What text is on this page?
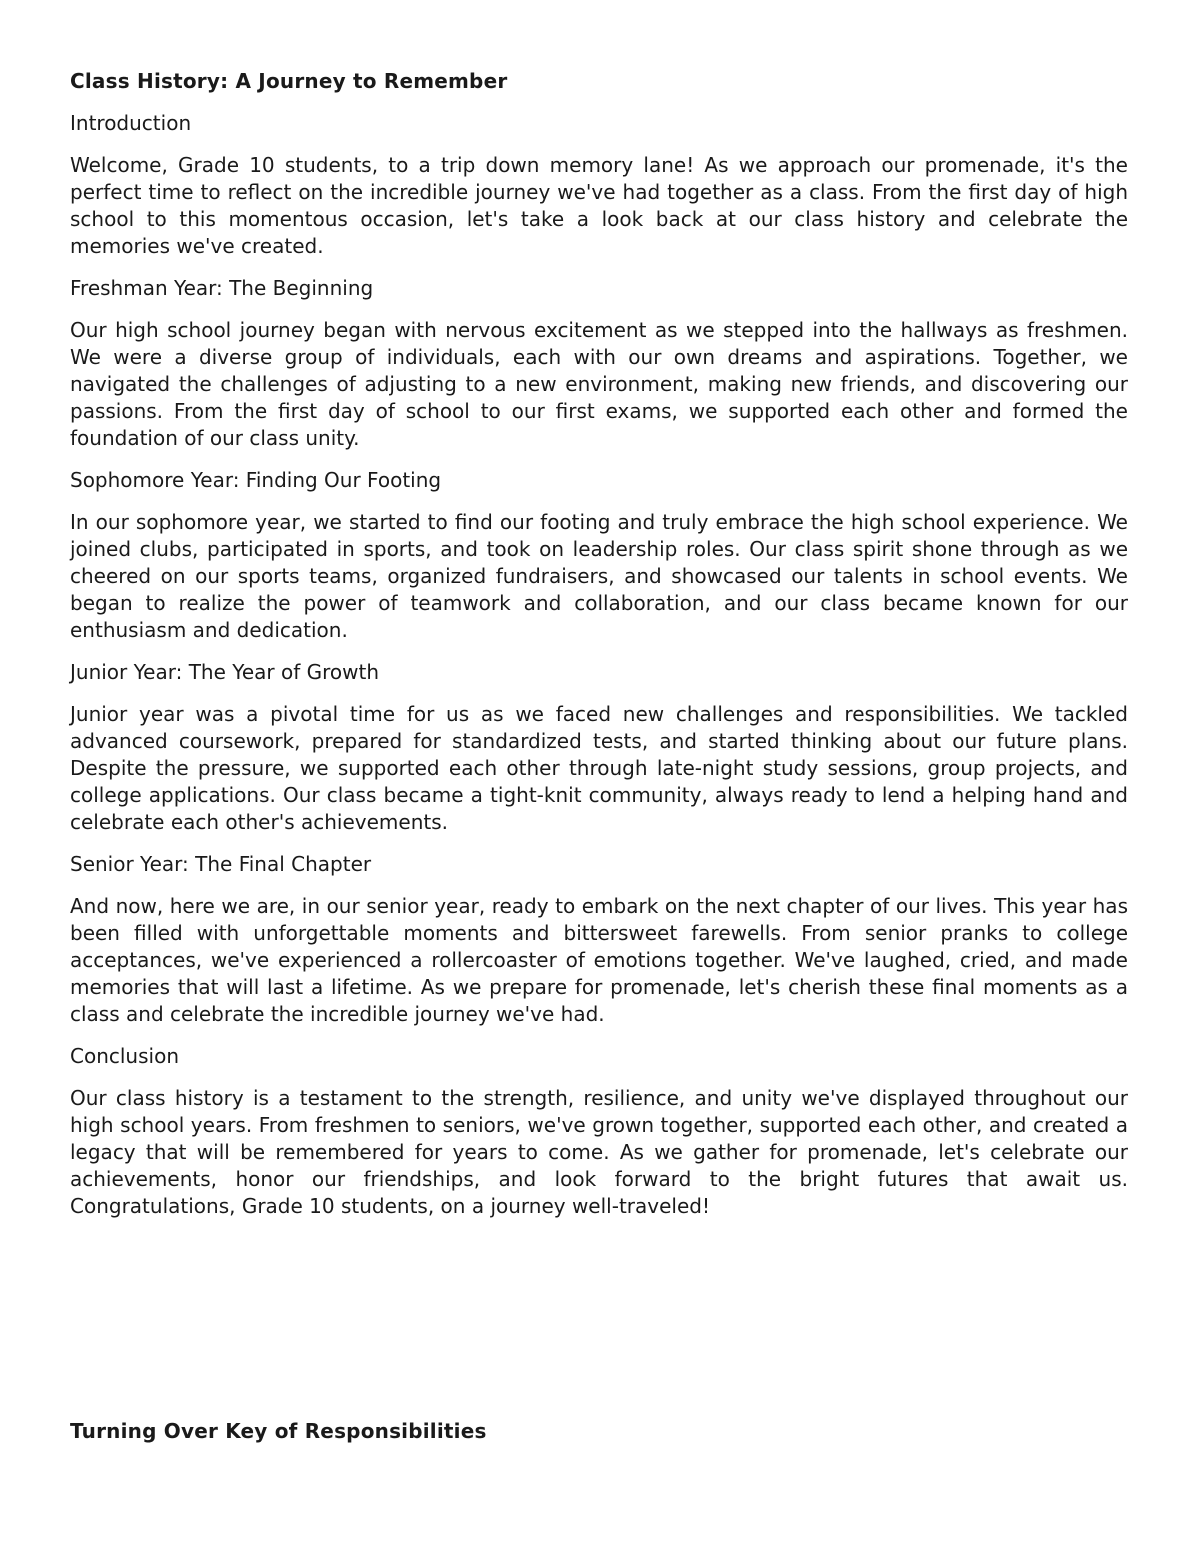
Class History: A Journey to Remember
Introduction
Welcome, Grade 10 students, to a trip down memory lane! As we approach our promenade, it's the perfect time to reflect on the incredible journey we've had together as a class. From the first day of high school to this momentous occasion, let's take a look back at our class history and celebrate the memories we've created.
Freshman Year: The Beginning
Our high school journey began with nervous excitement as we stepped into the hallways as freshmen. We were a diverse group of individuals, each with our own dreams and aspirations. Together, we navigated the challenges of adjusting to a new environment, making new friends, and discovering our passions. From the first day of school to our first exams, we supported each other and formed the foundation of our class unity.
Sophomore Year: Finding Our Footing
In our sophomore year, we started to find our footing and truly embrace the high school experience. We joined clubs, participated in sports, and took on leadership roles. Our class spirit shone through as we cheered on our sports teams, organized fundraisers, and showcased our talents in school events. We began to realize the power of teamwork and collaboration, and our class became known for our enthusiasm and dedication.
Junior Year: The Year of Growth
Junior year was a pivotal time for us as we faced new challenges and responsibilities. We tackled advanced coursework, prepared for standardized tests, and started thinking about our future plans. Despite the pressure, we supported each other through late-night study sessions, group projects, and college applications. Our class became a tight-knit community, always ready to lend a helping hand and celebrate each other's achievements.
Senior Year: The Final Chapter
And now, here we are, in our senior year, ready to embark on the next chapter of our lives. This year has been filled with unforgettable moments and bittersweet farewells. From senior pranks to college acceptances, we've experienced a rollercoaster of emotions together. We've laughed, cried, and made memories that will last a lifetime. As we prepare for promenade, let's cherish these final moments as a class and celebrate the incredible journey we've had.
Conclusion
Our class history is a testament to the strength, resilience, and unity we've displayed throughout our high school years. From freshmen to seniors, we've grown together, supported each other, and created a legacy that will be remembered for years to come. As we gather for promenade, let's celebrate our achievements, honor our friendships, and look forward to the bright futures that await us. Congratulations, Grade 10 students, on a journey well-traveled!
Turning Over Key of Responsibilities
